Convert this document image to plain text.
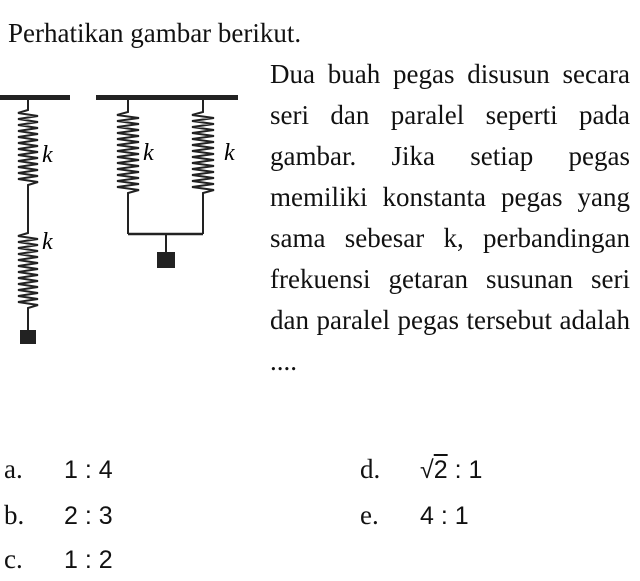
Perhatikan gambar berikut.
k
k
k	k
Dua buah pegas disusun secara seri dan paralel seperti pada gambar. Jika setiap pegas memiliki konstanta pegas yang sama sebesar k, perbandingan frekuensi getaran susunan seri dan paralel pegas tersebut adalah ....
a. 1 : 4
b. 2 : 3
c. 1 : 2
d. √2 : 1
e. 4 : 1
